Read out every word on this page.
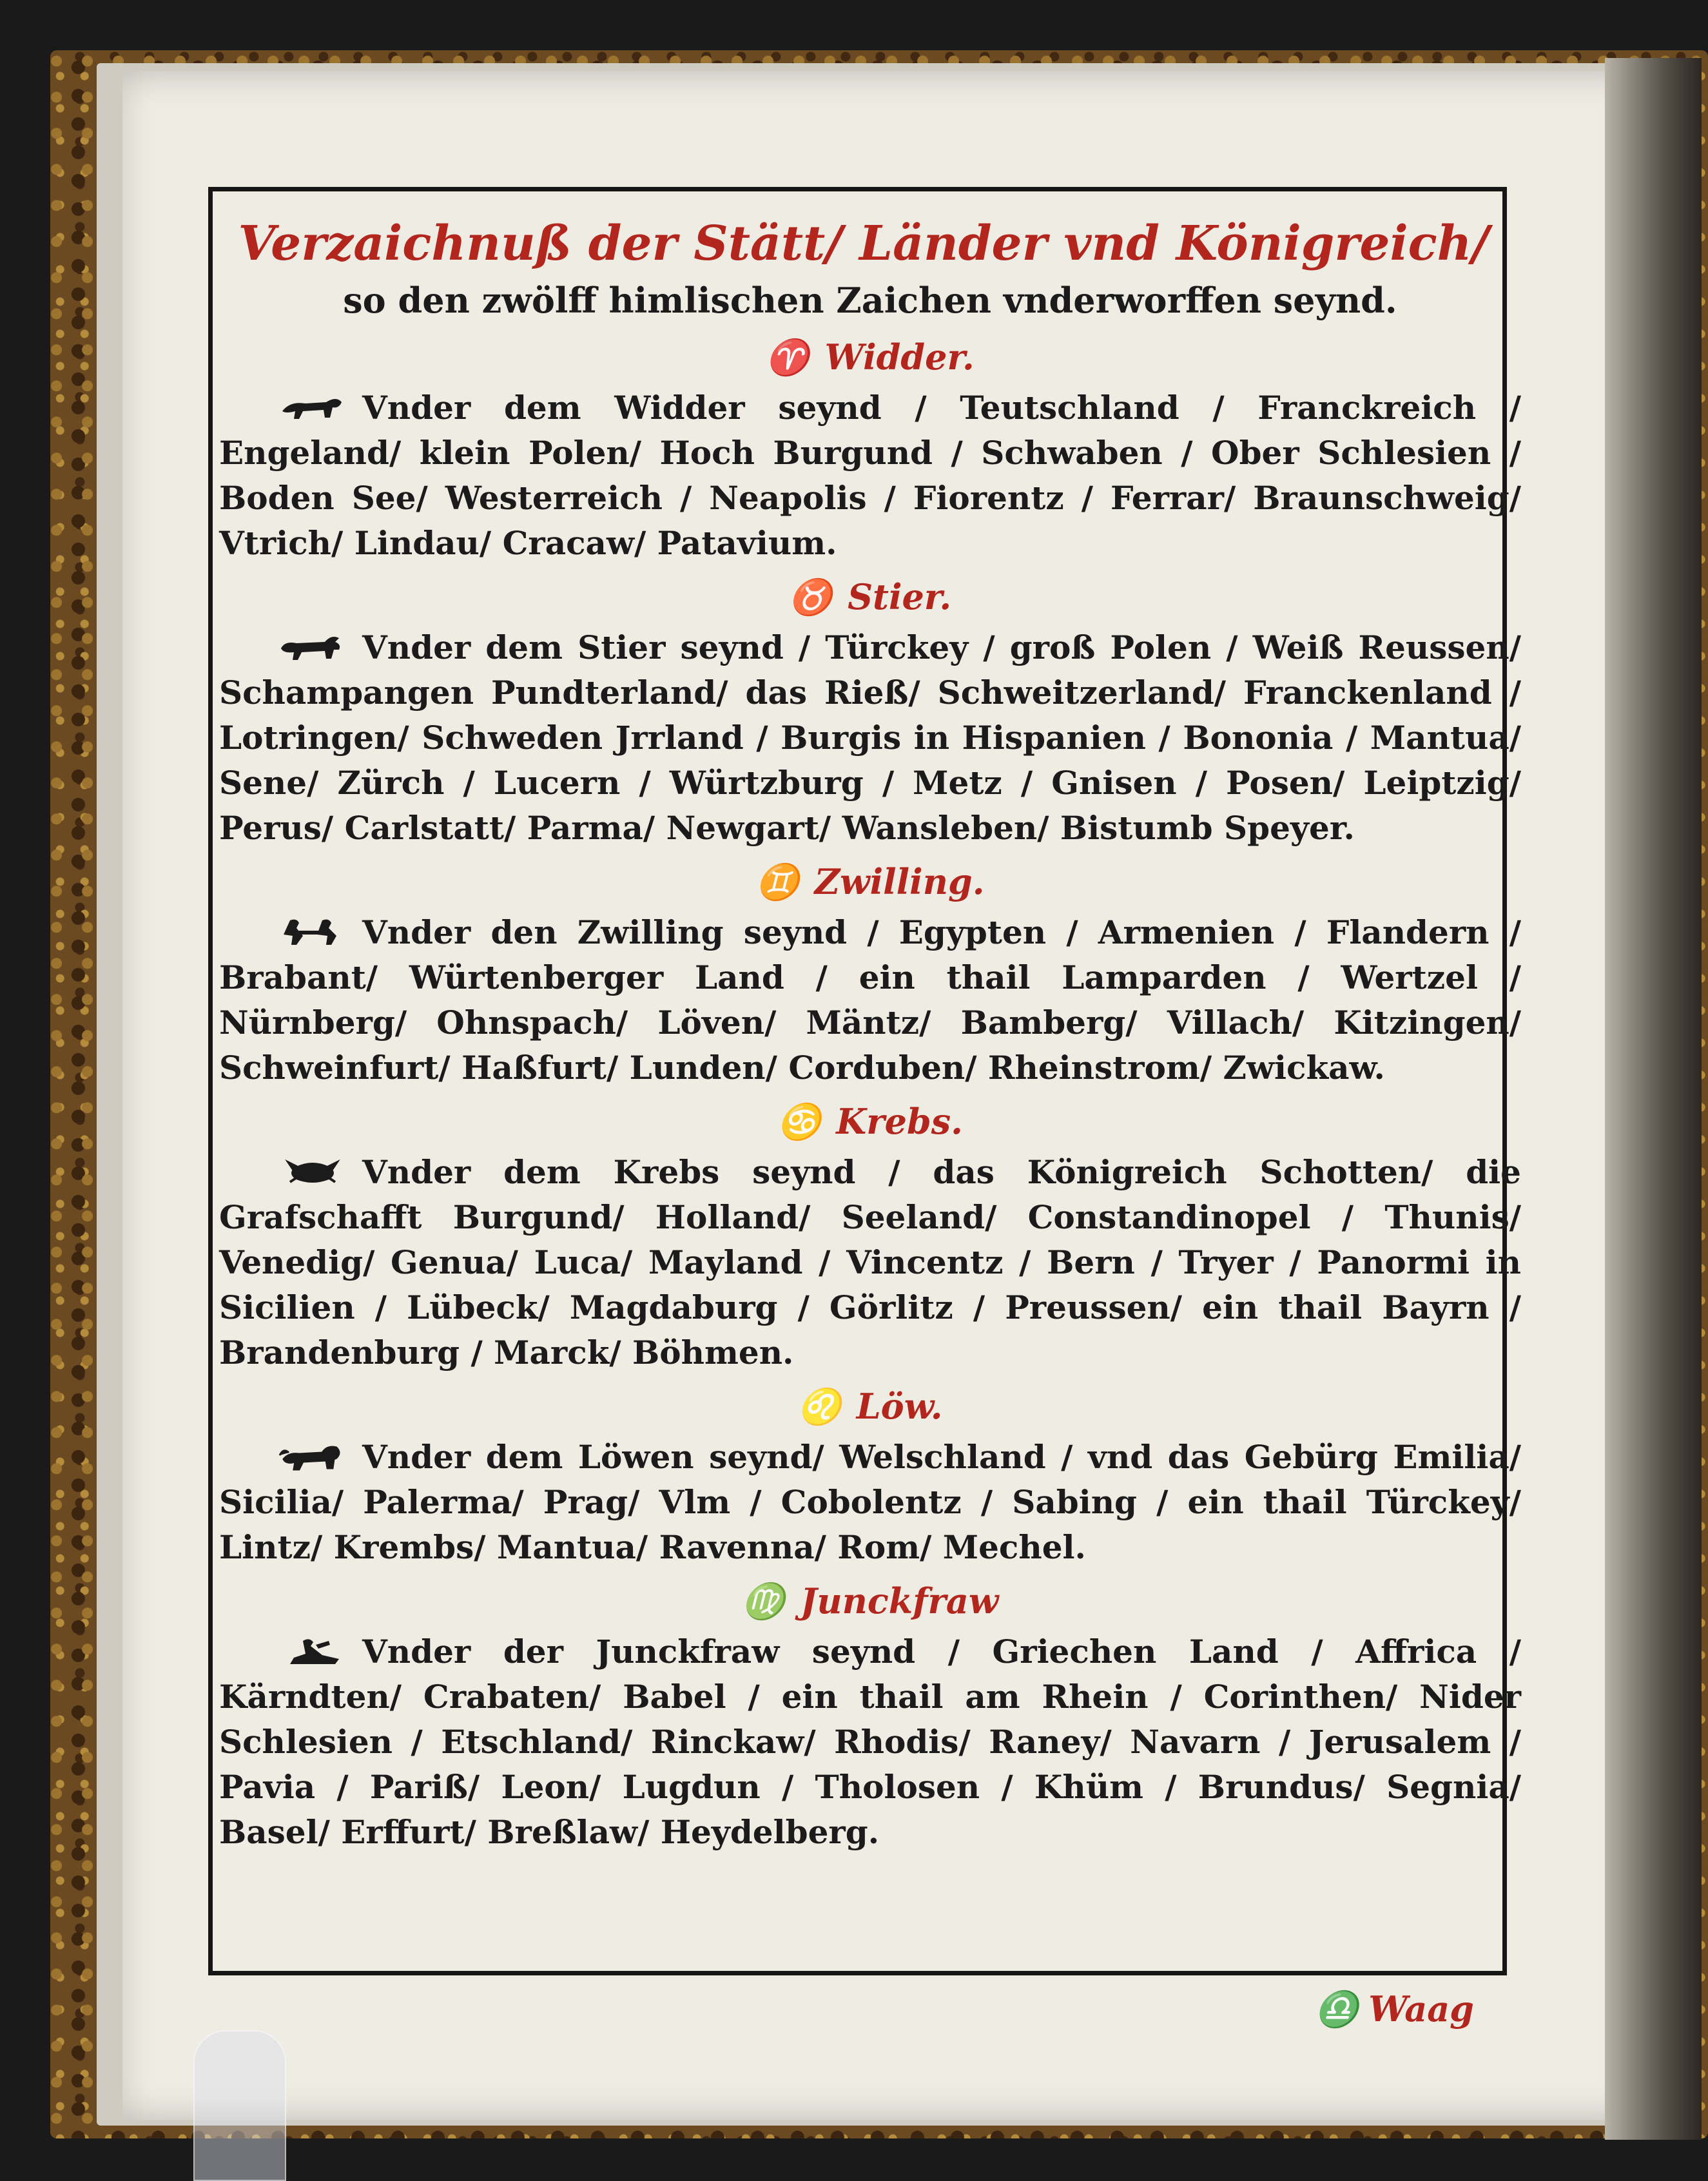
Verzaichnuß der Stätt/ Länder vnd Königreich/

so den zwölff himlischen Zaichen vnderworffen seynd.

♈ Widder.

Vnder dem Widder seynd / Teutschland / Franckreich / Engeland/ klein Polen/ Hoch Burgund / Schwaben / Ober Schlesien / Boden See/ Westerreich / Neapolis / Fiorentz / Ferrar/ Braunschweig/ Vtrich/ Lindau/ Cracaw/ Patavium.

♉ Stier.

Vnder dem Stier seynd / Türckey / groß Polen / Weiß Reussen/ Schampangen Pundterland/ das Rieß/ Schweitzerland/ Franckenland / Lotringen/ Schweden Jrrland / Burgis in Hispanien / Bononia / Mantua/ Sene/ Zürch / Lucern / Würtzburg / Metz / Gnisen / Posen/ Leiptzig/ Perus/ Carlstatt/ Parma/ Newgart/ Wansleben/ Bistumb Speyer.

♊ Zwilling.

Vnder den Zwilling seynd / Egypten / Armenien / Flandern / Brabant/ Würtenberger Land / ein thail Lamparden / Wertzel / Nürnberg/ Ohnspach/ Löven/ Mäntz/ Bamberg/ Villach/ Kitzingen/ Schweinfurt/ Haßfurt/ Lunden/ Corduben/ Rheinstrom/ Zwickaw.

♋ Krebs.

Vnder dem Krebs seynd / das Königreich Schotten/ die Grafschafft Burgund/ Holland/ Seeland/ Constandinopel / Thunis/ Venedig/ Genua/ Luca/ Mayland / Vincentz / Bern / Tryer / Panormi in Sicilien / Lübeck/ Magdaburg / Görlitz / Preussen/ ein thail Bayrn / Brandenburg / Marck/ Böhmen.

♌ Löw.

Vnder dem Löwen seynd/ Welschland / vnd das Gebürg Emilia/ Sicilia/ Palerma/ Prag/ Vlm / Cobolentz / Sabing / ein thail Türckey/ Lintz/ Krembs/ Mantua/ Ravenna/ Rom/ Mechel.

♍ Junckfraw

Vnder der Junckfraw seynd / Griechen Land / Affrica / Kärndten/ Crabaten/ Babel / ein thail am Rhein / Corinthen/ Nider Schlesien / Etschland/ Rinckaw/ Rhodis/ Raney/ Navarn / Jerusalem / Pavia / Pariß/ Leon/ Lugdun / Tholosen / Khüm / Brundus/ Segnia/ Basel/ Erffurt/ Breßlaw/ Heydelberg.

♎ Waag
